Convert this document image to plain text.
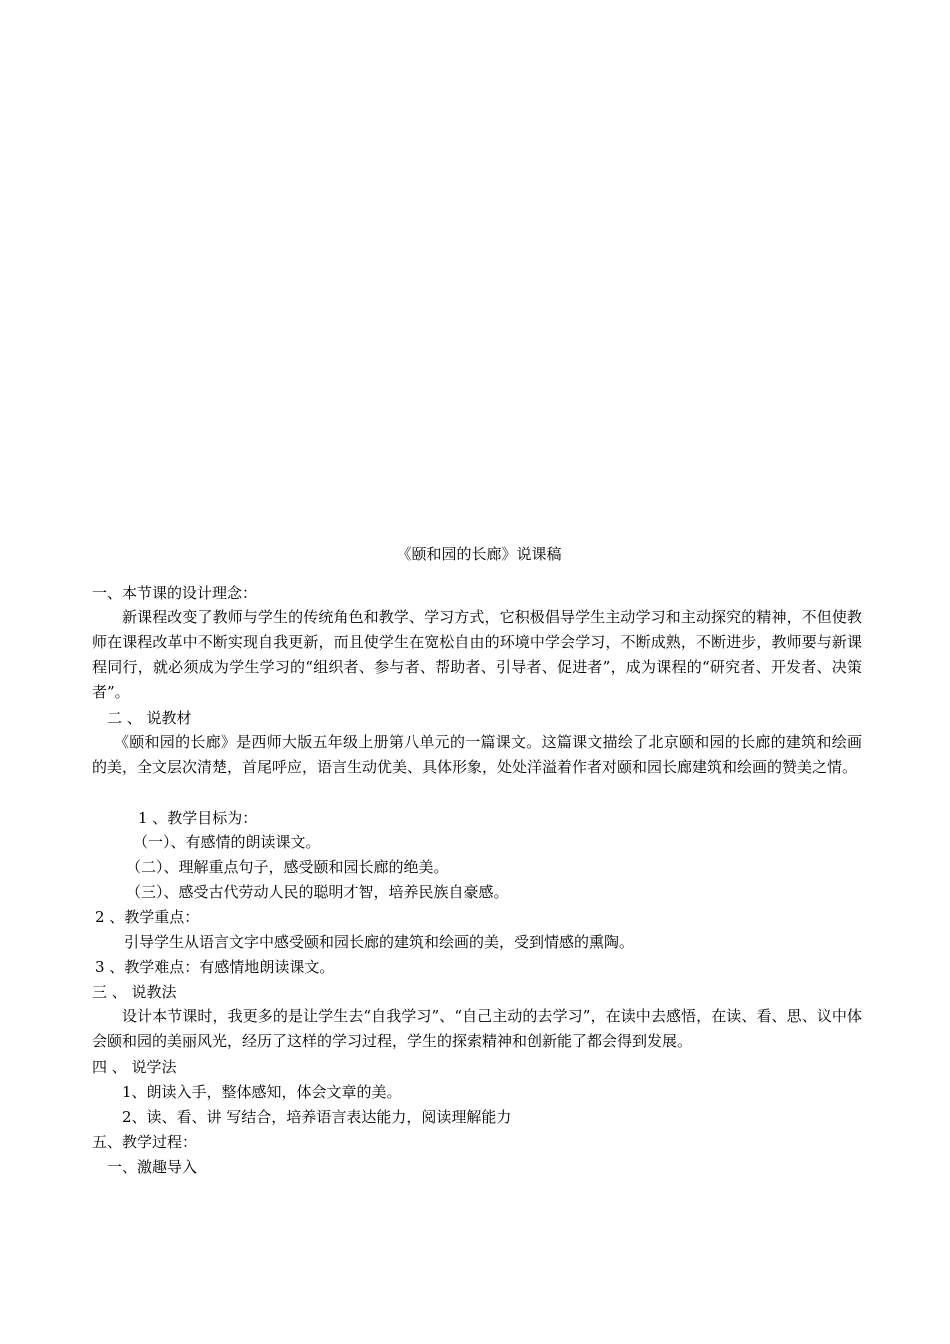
《颐和园的长廊》说课稿
一、本节课的设计理念：
新课程改变了教师与学生的传统角色和教学、学习方式，它积极倡导学生主动学习和主动探究的精神，不但使教师在课程改革中不断实现自我更新，而且使学生在宽松自由的环境中学会学习，不断成熟，不断进步，教师要与新课程同行，就必须成为学生学习的“组织者、参与者、帮助者、引导者、促进者”，成为课程的“研究者、开发者、决策者”。
二 、 说教材
《颐和园的长廊》是西师大版五年级上册第八单元的一篇课文。这篇课文描绘了北京颐和园的长廊的建筑和绘画的美，全文层次清楚，首尾呼应，语言生动优美、具体形象，处处洋溢着作者对颐和园长廊建筑和绘画的赞美之情。
1 、教学目标为：
（一）、有感情的朗读课文。
（二）、理解重点句子，感受颐和园长廊的绝美。
（三）、感受古代劳动人民的聪明才智，培养民族自豪感。
2 、教学重点：
引导学生从语言文字中感受颐和园长廊的建筑和绘画的美，受到情感的熏陶。
3 、教学难点：有感情地朗读课文。
三 、 说教法
设计本节课时，我更多的是让学生去“自我学习”、“自己主动的去学习”，在读中去感悟，在读、看、思、议中体会颐和园的美丽风光，经历了这样的学习过程，学生的探索精神和创新能了都会得到发展。
四 、 说学法
1、朗读入手，整体感知，体会文章的美。
2、读、看、讲 写结合，培养语言表达能力，阅读理解能力
五、教学过程：
一、激趣导入
